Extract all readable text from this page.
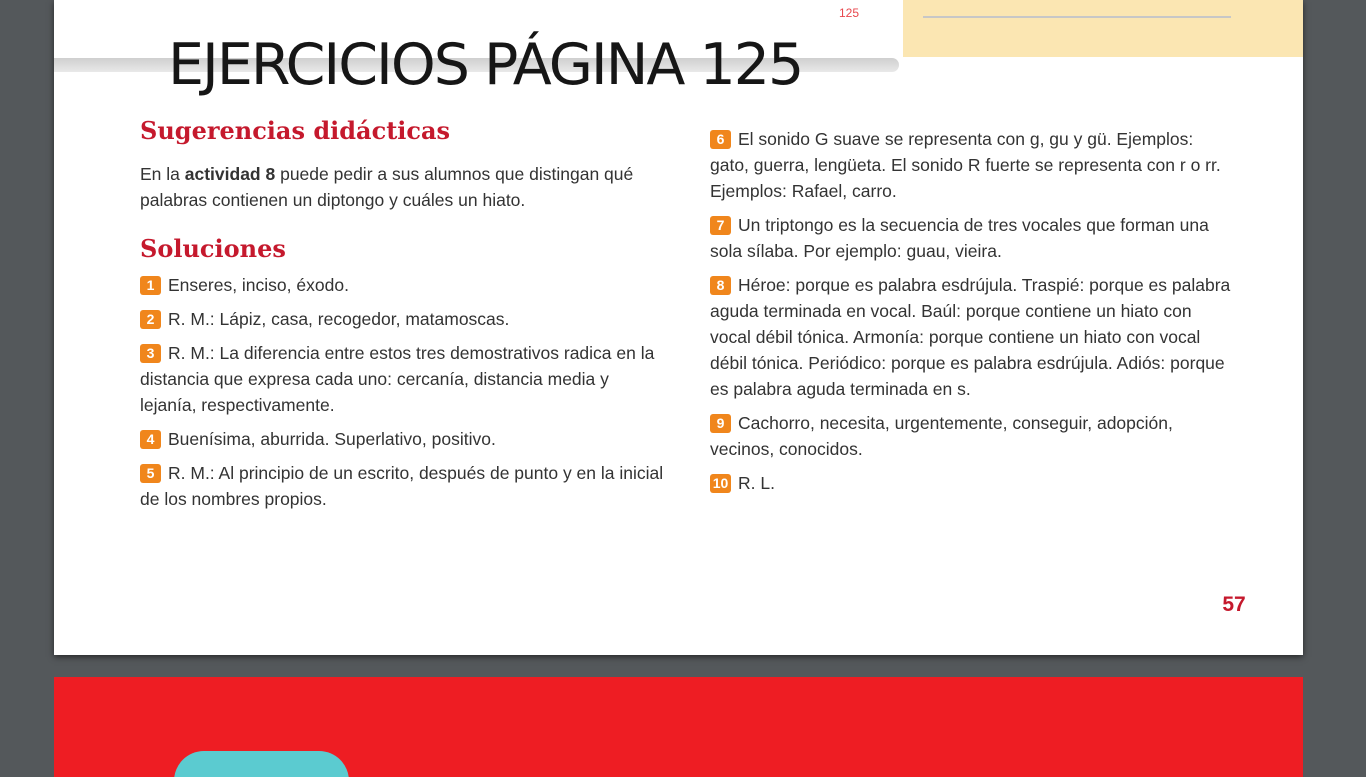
125
EJERCICIOS PÁGINA 125
Sugerencias didácticas

En la actividad 8 puede pedir a sus alumnos que distingan qué palabras contienen un diptongo y cuáles un hiato.

Soluciones
1 Enseres, inciso, éxodo.
2 R. M.: Lápiz, casa, recogedor, matamoscas.
3 R. M.: La diferencia entre estos tres demostrativos radica en la distancia que expresa cada uno: cercanía, distancia media y lejanía, respectivamente.
4 Buenísima, aburrida. Superlativo, positivo.
5 R. M.: Al principio de un escrito, después de punto y en la inicial de los nombres propios.
6 El sonido G suave se representa con g, gu y gü. Ejemplos: gato, guerra, lengüeta. El sonido R fuerte se representa con r o rr. Ejemplos: Rafael, carro.
7 Un triptongo es la secuencia de tres vocales que forman una sola sílaba. Por ejemplo: guau, vieira.
8 Héroe: porque es palabra esdrújula. Traspié: porque es palabra aguda terminada en vocal. Baúl: porque contiene un hiato con vocal débil tónica. Armonía: porque contiene un hiato con vocal débil tónica. Periódico: porque es palabra esdrújula. Adiós: porque es palabra aguda terminada en s.
9 Cachorro, necesita, urgentemente, conseguir, adopción, vecinos, conocidos.
10 R. L.
57
